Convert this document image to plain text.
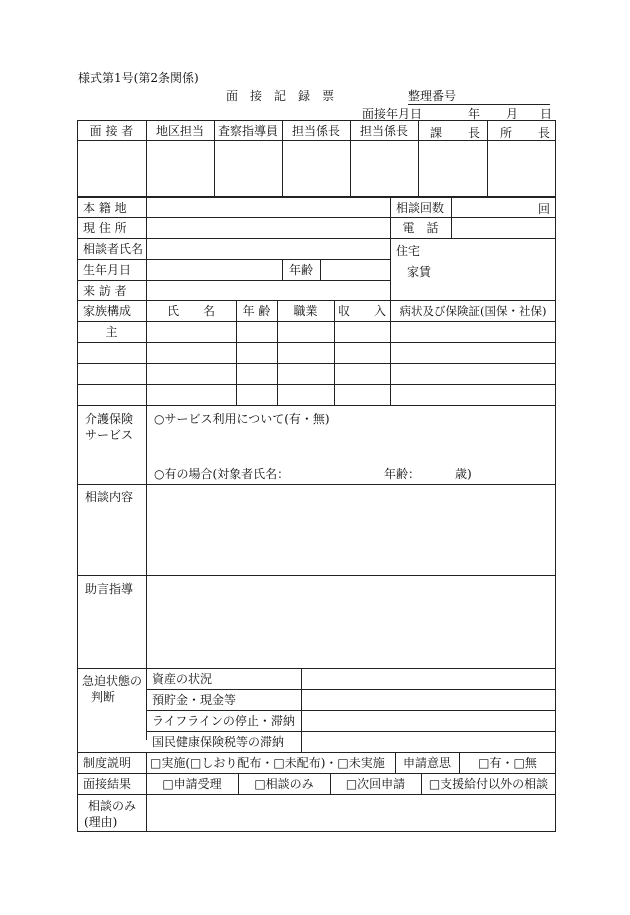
様式第1号(第2条関係)
面　接　記　録　票	整理番号
面接年月日	年 月 日
面 接 者	地区担当	査察指導員	担当係長	担当係長	課 長 所 長
本 籍 地	相談回数	回
現 住 所	電　話
相談者氏名	住宅
家賃
生年月日	年齢
来 訪 者
家族構成	氏　　名	年 齢	職業	収　　入	病状及び保険証(国保・社保)
主
介護保険
サービス
○サービス利用について(有・無)
○有の場合(対象者氏名：	年齢：	歳)
相談内容
助言指導
急迫状態の
判断
資産の状況
預貯金・現金等
ライフラインの停止・滞納
国民健康保険税等の滞納
制度説明	□実施(□しおり配布・□未配布)・□未実施	申請意思	□有・□無
面接結果	□申請受理	□相談のみ	□次回申請	□支援給付以外の相談
相談のみ
(理由)
